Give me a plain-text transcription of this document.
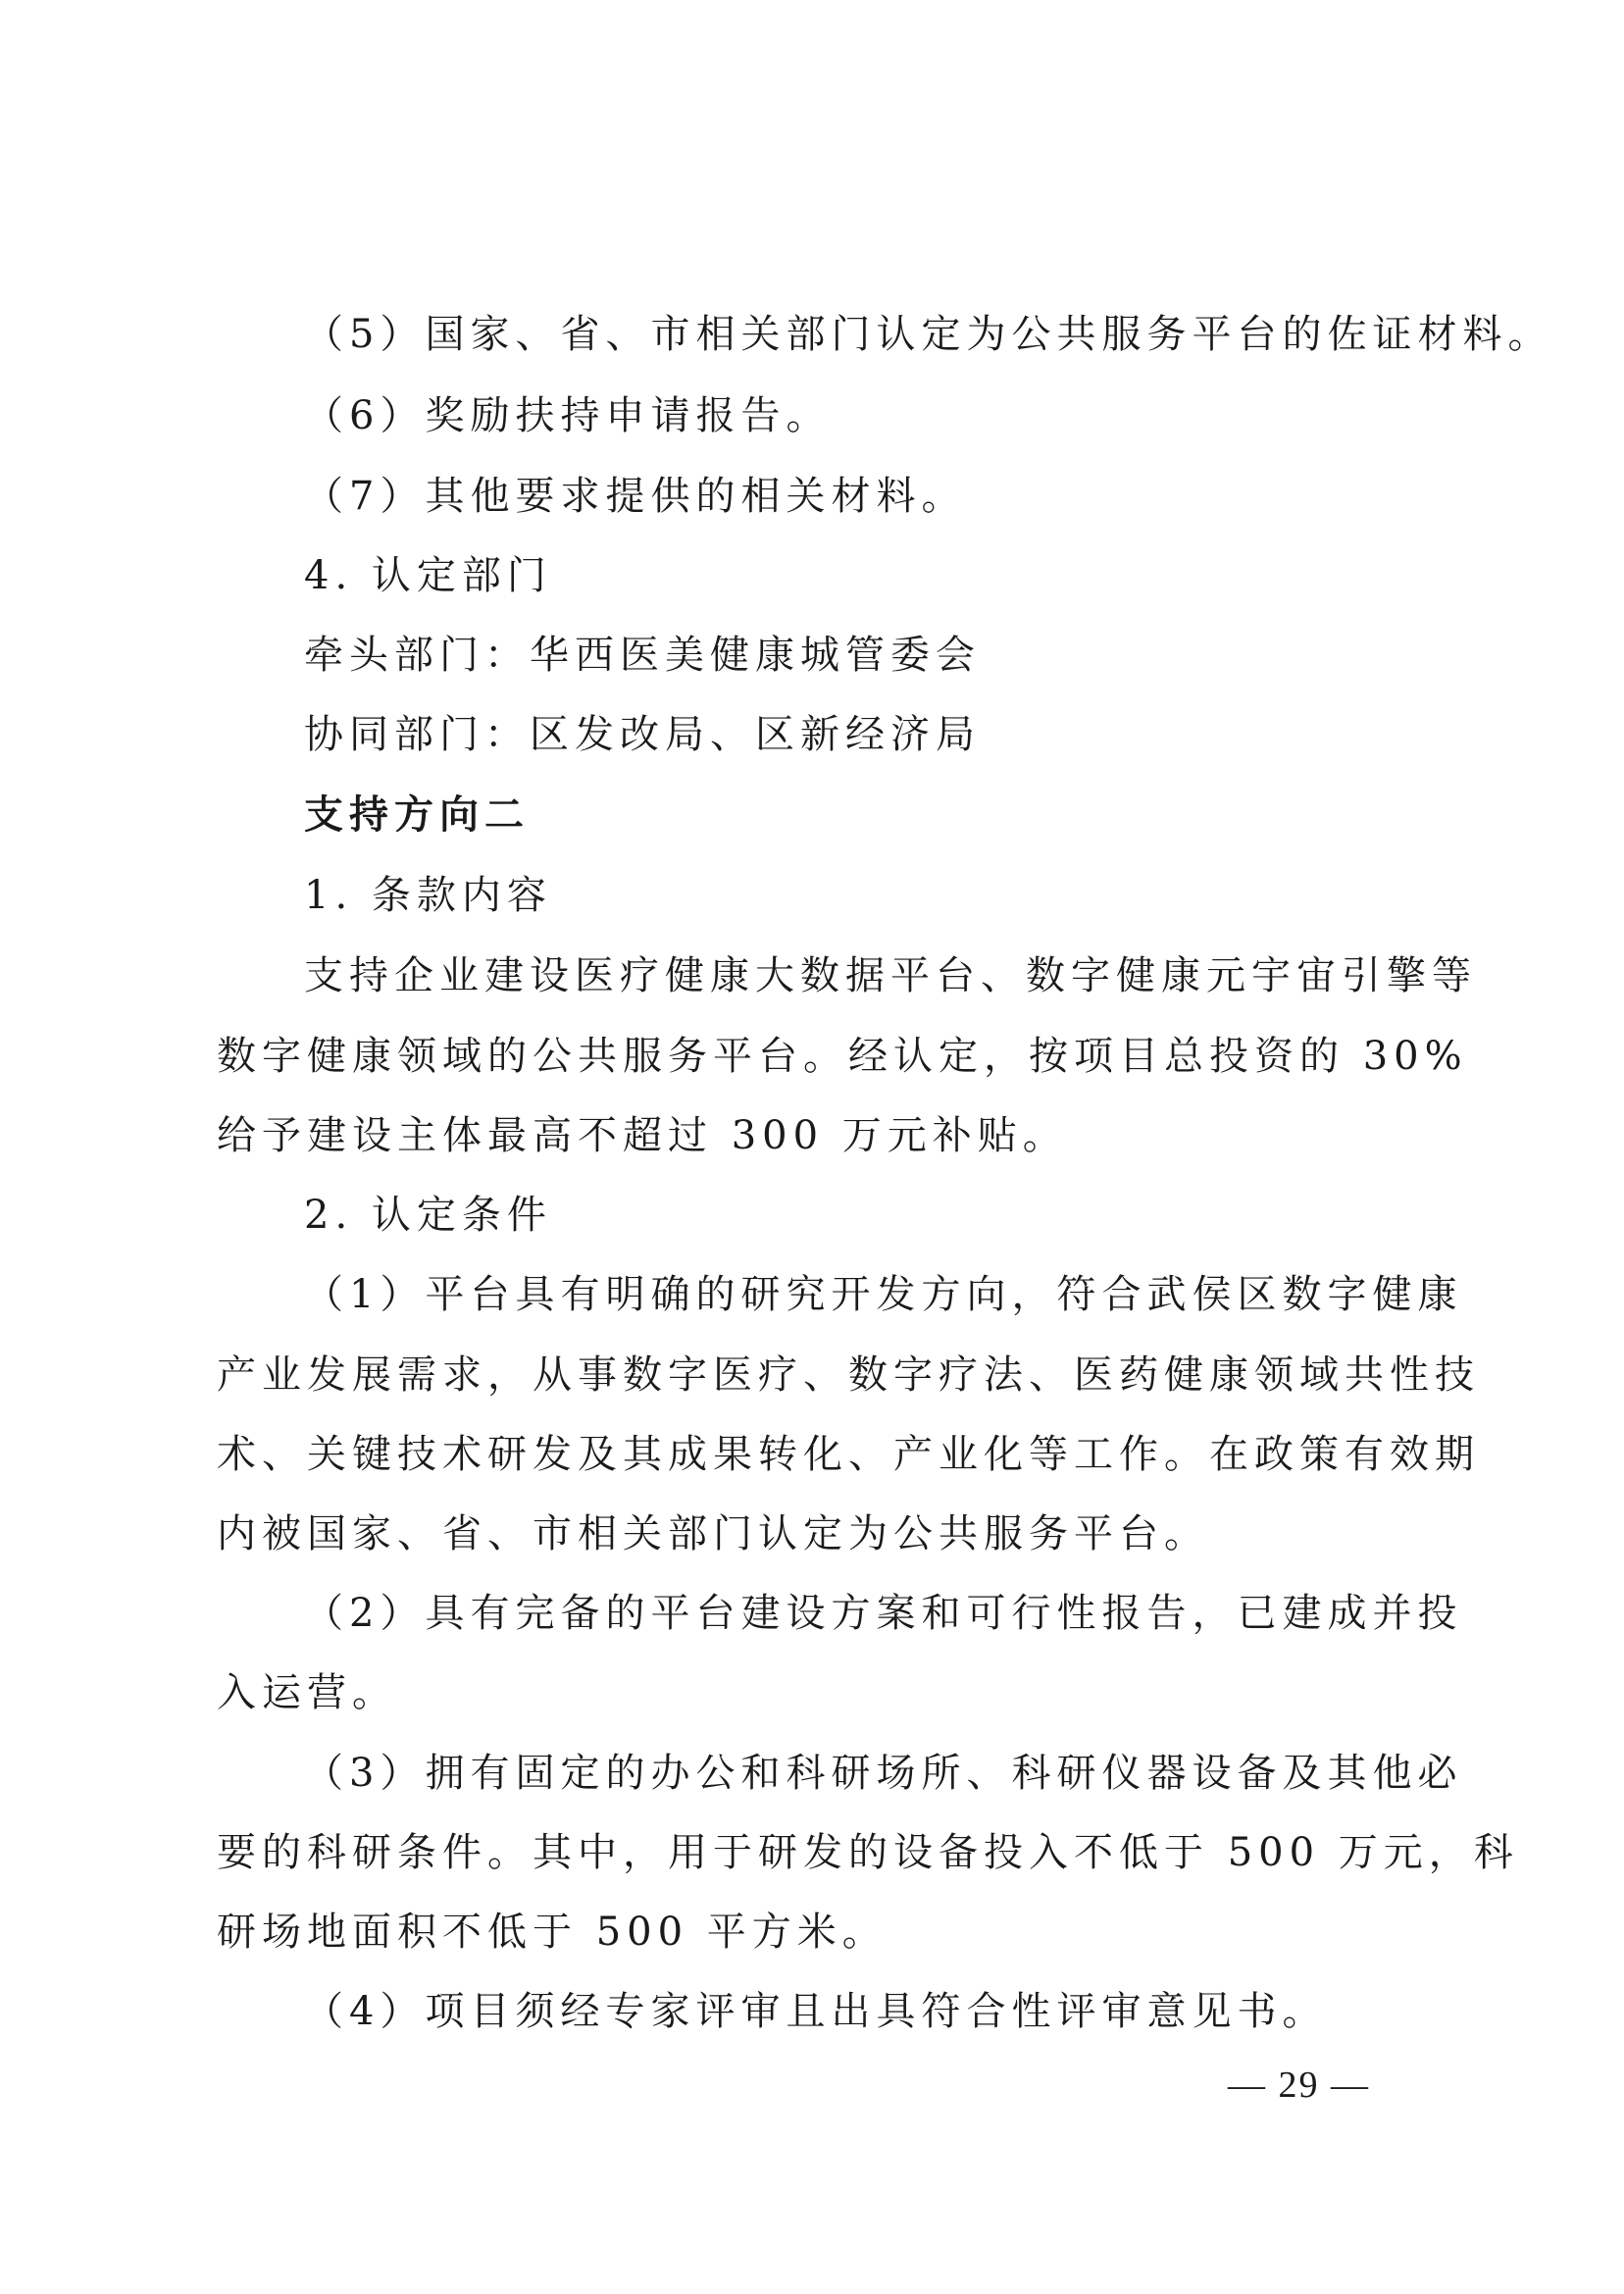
（5）国家、省、市相关部门认定为公共服务平台的佐证材料。
（6）奖励扶持申请报告。
（7）其他要求提供的相关材料。
4. 认定部门
牵头部门：华西医美健康城管委会
协同部门：区发改局、区新经济局
支持方向二
1. 条款内容
支持企业建设医疗健康大数据平台、数字健康元宇宙引擎等
数字健康领域的公共服务平台。经认定，按项目总投资的 30%
给予建设主体最高不超过 300 万元补贴。
2. 认定条件
（1）平台具有明确的研究开发方向，符合武侯区数字健康
产业发展需求，从事数字医疗、数字疗法、医药健康领域共性技
术、关键技术研发及其成果转化、产业化等工作。在政策有效期
内被国家、省、市相关部门认定为公共服务平台。
（2）具有完备的平台建设方案和可行性报告，已建成并投
入运营。
（3）拥有固定的办公和科研场所、科研仪器设备及其他必
要的科研条件。其中，用于研发的设备投入不低于 500 万元，科
研场地面积不低于 500 平方米。
（4）项目须经专家评审且出具符合性评审意见书。
— 29 —
